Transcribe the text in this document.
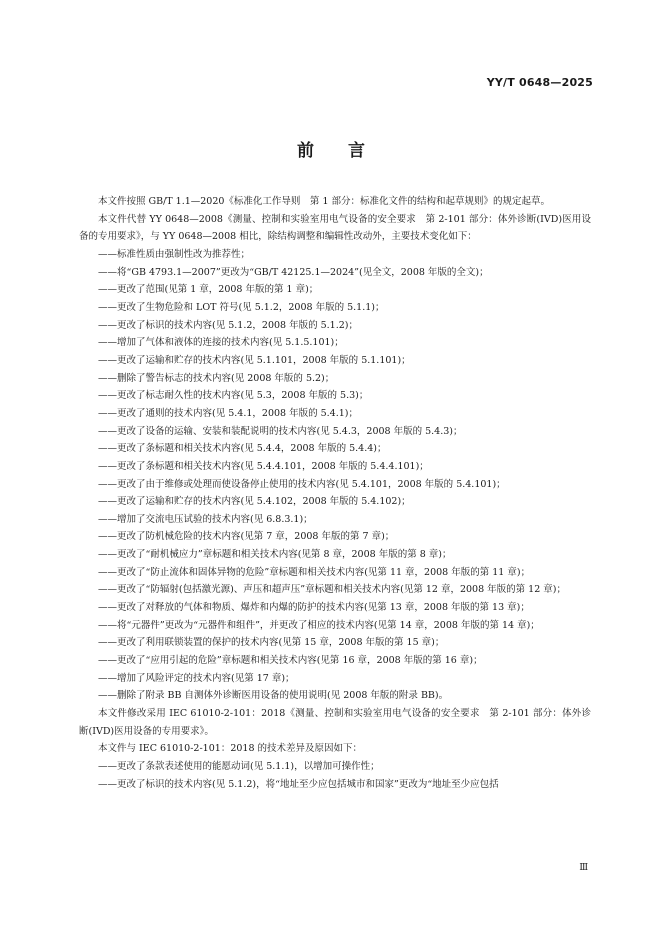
YY/T 0648—2025
前 言

本文件按照 GB/T 1.1—2020《标准化工作导则　第 1 部分：标准化文件的结构和起草规则》的规定起草。

本文件代替 YY 0648—2008《测量、控制和实验室用电气设备的安全要求　第 2-101 部分：体外诊断(IVD)医用设备的专用要求》，与 YY 0648—2008 相比，除结构调整和编辑性改动外，主要技术变化如下：

——标准性质由强制性改为推荐性；

——将“GB 4793.1—2007”更改为“GB/T 42125.1—2024”(见全文，2008 年版的全文)；

——更改了范围(见第 1 章，2008 年版的第 1 章)；

——更改了生物危险和 LOT 符号(见 5.1.2，2008 年版的 5.1.1)；

——更改了标识的技术内容(见 5.1.2，2008 年版的 5.1.2)；

——增加了气体和液体的连接的技术内容(见 5.1.5.101)；

——更改了运输和贮存的技术内容(见 5.1.101，2008 年版的 5.1.101)；

——删除了警告标志的技术内容(见 2008 年版的 5.2)；

——更改了标志耐久性的技术内容(见 5.3，2008 年版的 5.3)；

——更改了通则的技术内容(见 5.4.1，2008 年版的 5.4.1)；

——更改了设备的运输、安装和装配说明的技术内容(见 5.4.3，2008 年版的 5.4.3)；

——更改了条标题和相关技术内容(见 5.4.4，2008 年版的 5.4.4)；

——更改了条标题和相关技术内容(见 5.4.4.101，2008 年版的 5.4.4.101)；

——更改了由于维修或处理而使设备停止使用的技术内容(见 5.4.101，2008 年版的 5.4.101)；

——更改了运输和贮存的技术内容(见 5.4.102，2008 年版的 5.4.102)；

——增加了交流电压试验的技术内容(见 6.8.3.1)；

——更改了防机械危险的技术内容(见第 7 章，2008 年版的第 7 章)；

——更改了“耐机械应力”章标题和相关技术内容(见第 8 章，2008 年版的第 8 章)；

——更改了“防止流体和固体异物的危险”章标题和相关技术内容(见第 11 章，2008 年版的第 11 章)；

——更改了“防辐射(包括激光源)、声压和超声压”章标题和相关技术内容(见第 12 章，2008 年版的第 12 章)；

——更改了对释放的气体和物质、爆炸和内爆的防护的技术内容(见第 13 章，2008 年版的第 13 章)；

——将“元器件”更改为“元器件和组件”，并更改了相应的技术内容(见第 14 章，2008 年版的第 14 章)；

——更改了利用联锁装置的保护的技术内容(见第 15 章，2008 年版的第 15 章)；

——更改了“应用引起的危险”章标题和相关技术内容(见第 16 章，2008 年版的第 16 章)；

——增加了风险评定的技术内容(见第 17 章)；

——删除了附录 BB 自测体外诊断医用设备的使用说明(见 2008 年版的附录 BB)。

本文件修改采用 IEC 61010-2-101：2018《测量、控制和实验室用电气设备的安全要求　第 2-101 部分：体外诊断(IVD)医用设备的专用要求》。

本文件与 IEC 61010-2-101：2018 的技术差异及原因如下：

——更改了条款表述使用的能愿动词(见 5.1.1)，以增加可操作性；

——更改了标识的技术内容(见 5.1.2)，将“地址至少应包括城市和国家”更改为“地址至少应包括

Ⅲ
